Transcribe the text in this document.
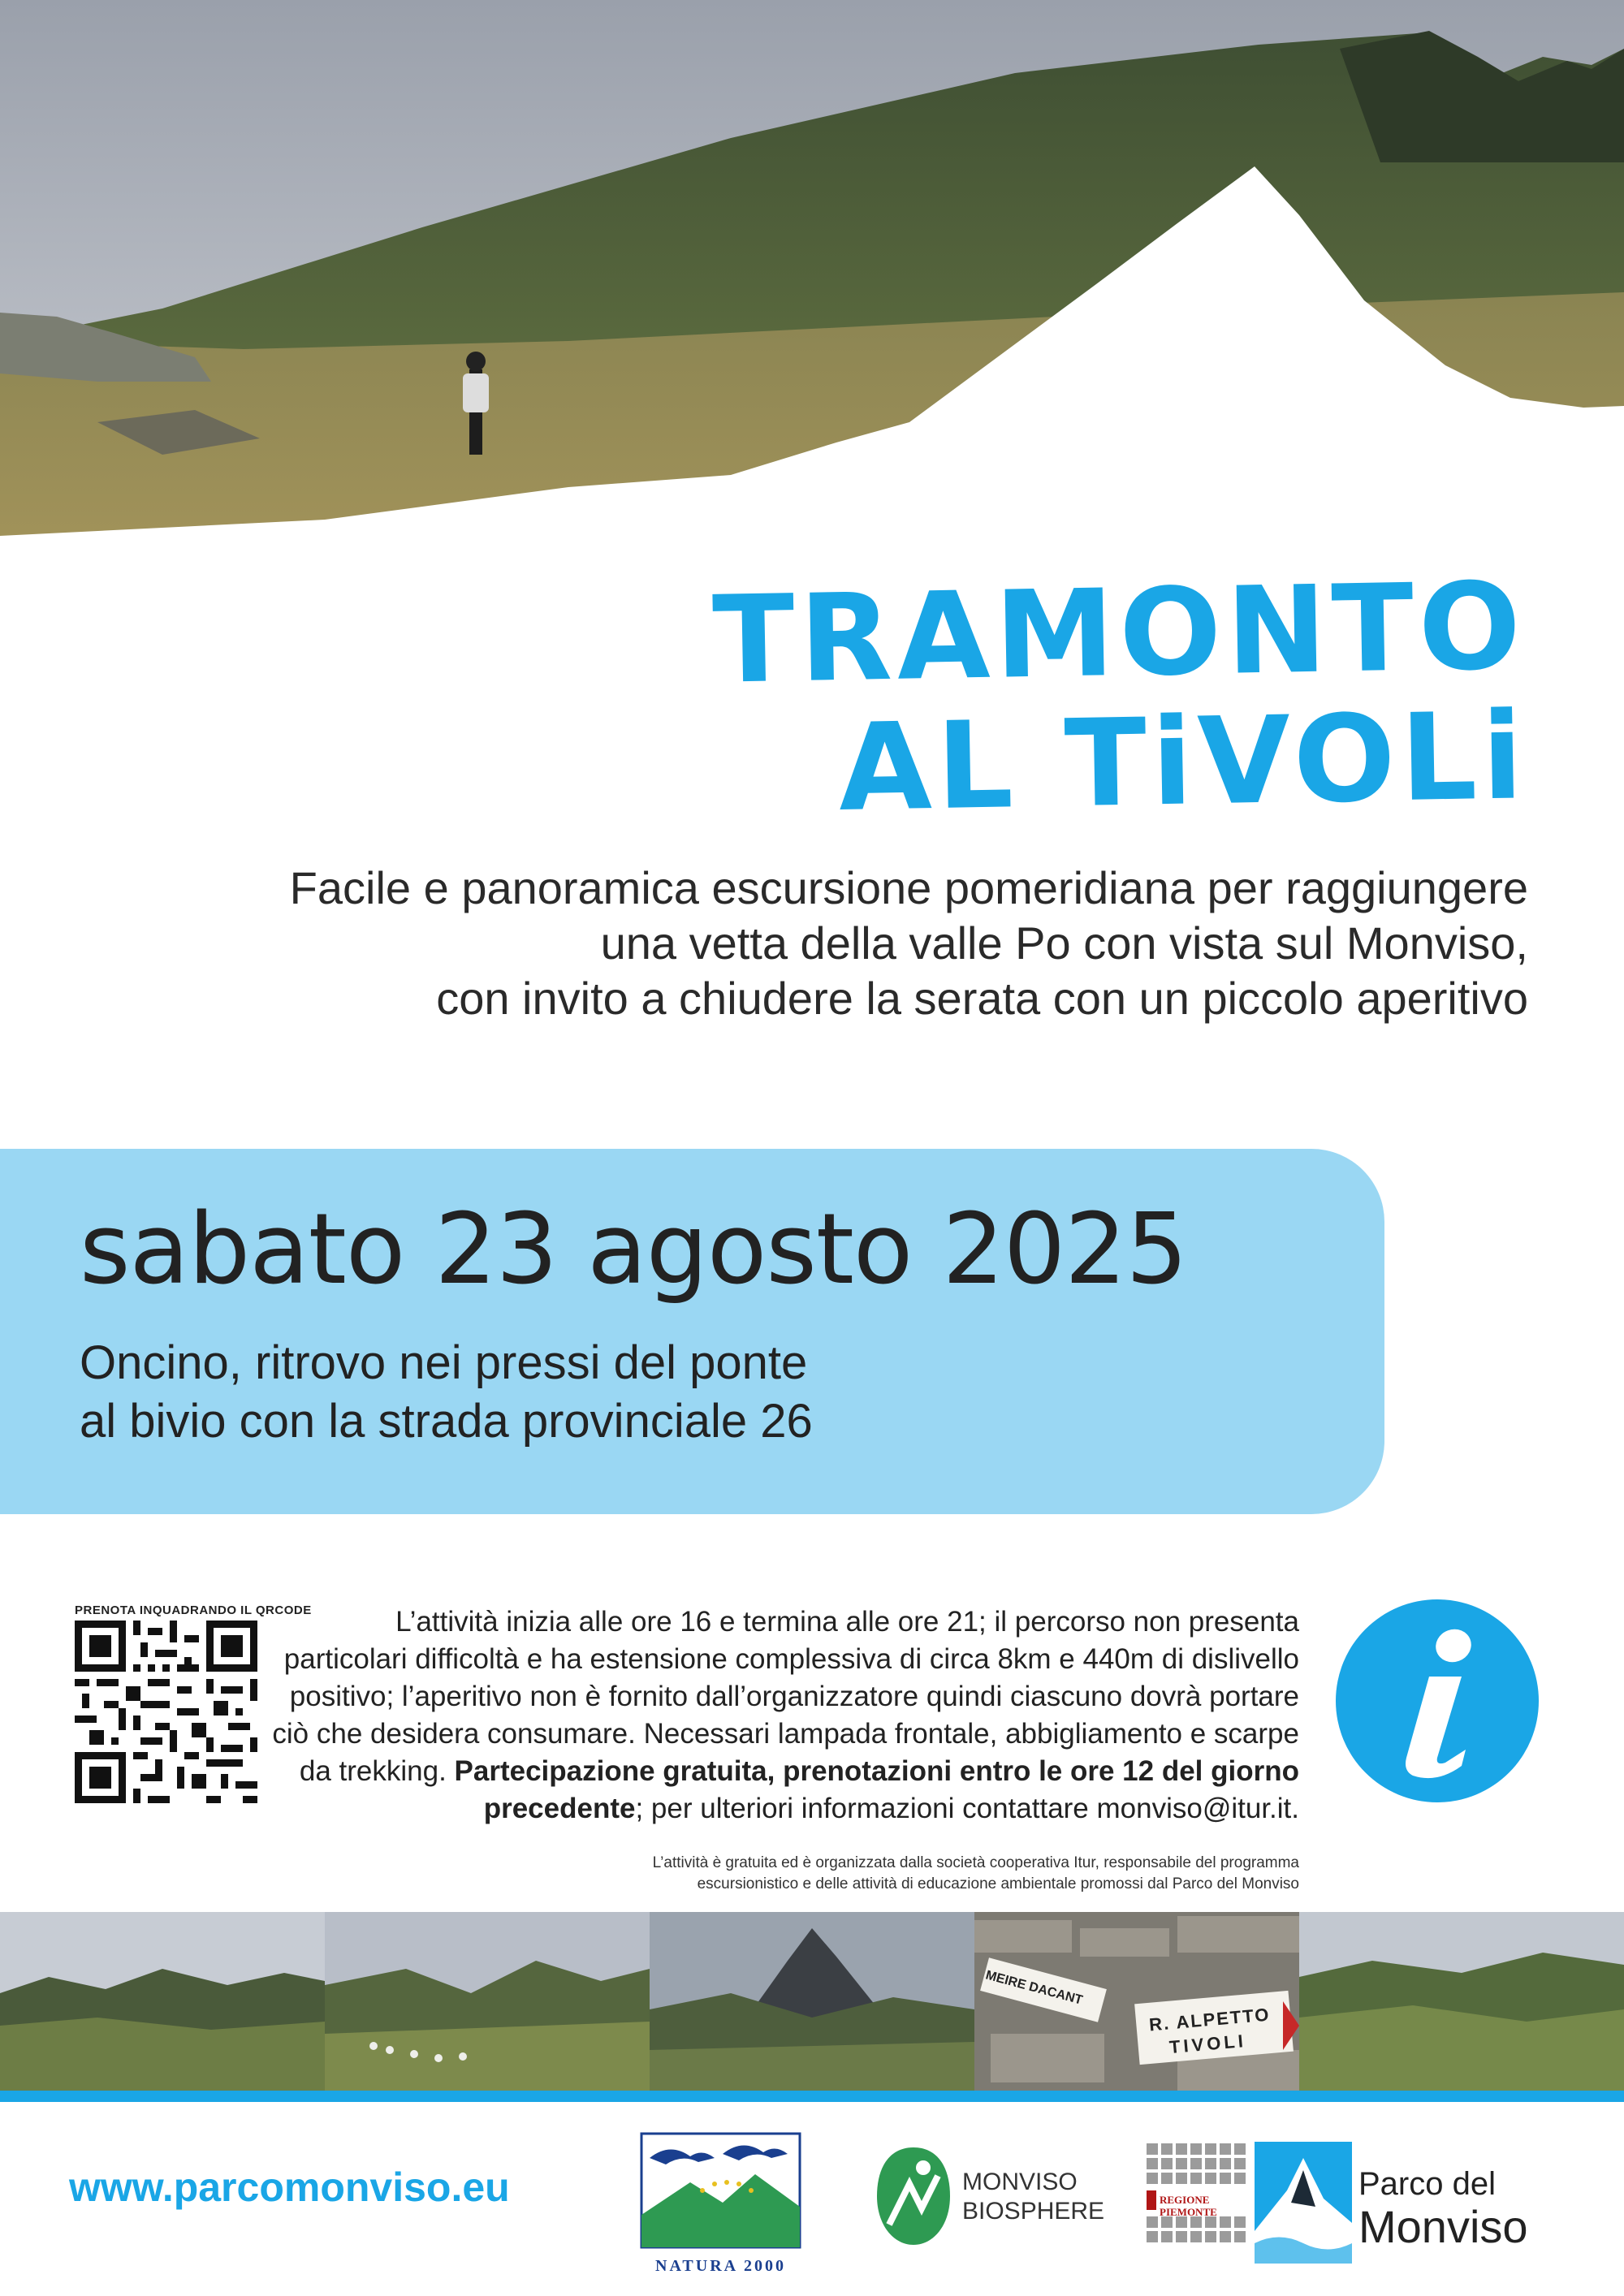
TRAMONTO
AL TiVOLi
Facile e panoramica escursione pomeridiana per raggiungere
una vetta della valle Po con vista sul Monviso,
con invito a chiudere la serata con un piccolo aperitivo
sabato 23 agosto 2025
Oncino, ritrovo nei pressi del ponte
al bivio con la strada provinciale 26
PRENOTA INQUADRANDO IL QRCODE	L’attività inizia alle ore 16 e termina alle ore 21; il percorso non presenta particolari difficoltà e ha estensione complessiva di circa 8km e 440m di dislivello positivo; l’aperitivo non è fornito dall’organizzatore quindi ciascuno dovrà portare ciò che desidera consumare. Necessari lampada frontale, abbigliamento e scarpe da trekking. Partecipazione gratuita, prenotazioni entro le ore 12 del giorno precedente; per ulteriori informazioni contattare monviso@itur.it.
L’attività è gratuita ed è organizzata dalla società cooperativa Itur, responsabile del programma
escursionistico e delle attività di educazione ambientale promossi dal Parco del Monviso
MEIRE DACANT
R. ALPETTO
TIVOLI
www.parcomonviso.eu
NATURA 2000
MONVISO
BIOSPHERE	REGIONE
PIEMONTE
Parco del
Monviso
